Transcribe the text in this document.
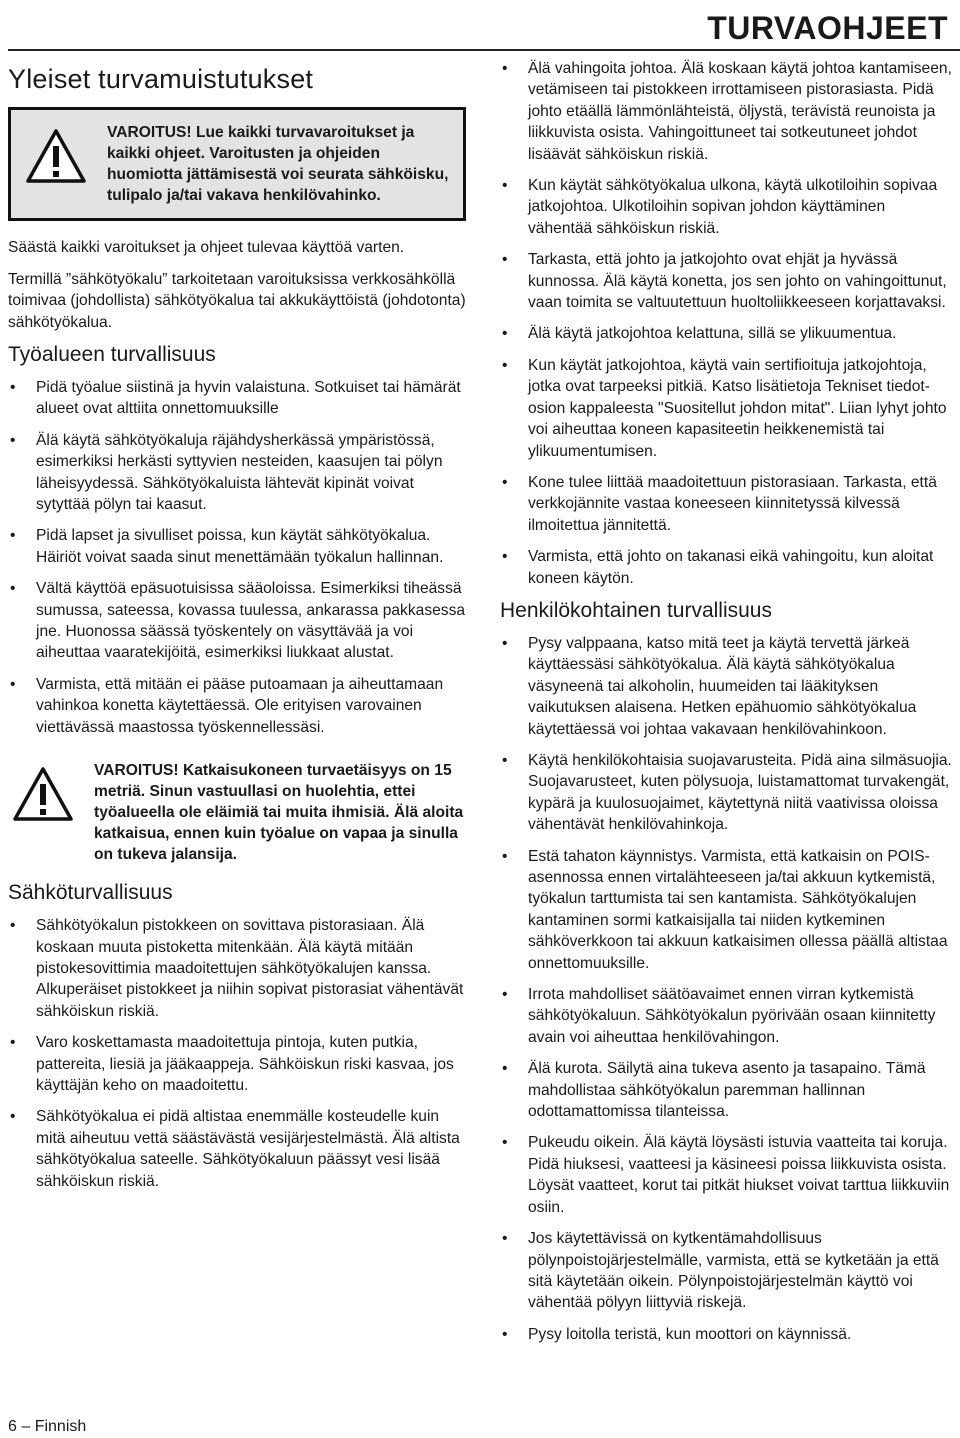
TURVAOHJEET
Yleiset turvamuistutukset
VAROITUS! Lue kaikki turvavaroitukset ja kaikki ohjeet. Varoitusten ja ohjeiden huomiotta jättämisestä voi seurata sähköisku, tulipalo ja/tai vakava henkilövahinko.

Säästä kaikki varoitukset ja ohjeet tulevaa käyttöä varten.

Termillä ”sähkötyökalu” tarkoitetaan varoituksissa verkkosähköllä toimivaa (johdollista) sähkötyökalua tai akkukäyttöistä (johdotonta) sähkötyökalua.

Työalueen turvallisuus
• Pidä työalue siistinä ja hyvin valaistuna. Sotkuiset tai hämärät alueet ovat alttiita onnettomuuksille
• Älä käytä sähkötyökaluja räjähdysherkässä ympäristössä, esimerkiksi herkästi syttyvien nesteiden, kaasujen tai pölyn läheisyydessä. Sähkötyökaluista lähtevät kipinät voivat sytyttää pölyn tai kaasut.
• Pidä lapset ja sivulliset poissa, kun käytät sähkötyökalua. Häiriöt voivat saada sinut menettämään työkalun hallinnan.
• Vältä käyttöä epäsuotuisissa sääoloissa. Esimerkiksi tiheässä sumussa, sateessa, kovassa tuulessa, ankarassa pakkasessa jne. Huonossa säässä työskentely on väsyttävää ja voi aiheuttaa vaaratekijöitä, esimerkiksi liukkaat alustat.
• Varmista, että mitään ei pääse putoamaan ja aiheuttamaan vahinkoa konetta käytettäessä. Ole erityisen varovainen viettävässä maastossa työskennellessäsi.
VAROITUS! Katkaisukoneen turvaetäisyys on 15 metriä. Sinun vastuullasi on huolehtia, ettei työalueella ole eläimiä tai muita ihmisiä. Älä aloita katkaisua, ennen kuin työalue on vapaa ja sinulla on tukeva jalansija.
Sähköturvallisuus
• Sähkötyökalun pistokkeen on sovittava pistorasiaan. Älä koskaan muuta pistoketta mitenkään. Älä käytä mitään pistokesovittimia maadoitettujen sähkötyökalujen kanssa. Alkuperäiset pistokkeet ja niihin sopivat pistorasiat vähentävät sähköiskun riskiä.
• Varo koskettamasta maadoitettuja pintoja, kuten putkia, pattereita, liesiä ja jääkaappeja. Sähköiskun riski kasvaa, jos käyttäjän keho on maadoitettu.
• Sähkötyökalua ei pidä altistaa enemmälle kosteudelle kuin mitä aiheutuu vettä säästävästä vesijärjestelmästä. Älä altista sähkötyökalua sateelle. Sähkötyökaluun päässyt vesi lisää sähköiskun riskiä.
• Älä vahingoita johtoa. Älä koskaan käytä johtoa kantamiseen, vetämiseen tai pistokkeen irrottamiseen pistorasiasta. Pidä johto etäällä lämmönlähteistä, öljystä, terävistä reunoista ja liikkuvista osista. Vahingoittuneet tai sotkeutuneet johdot lisäävät sähköiskun riskiä.
• Kun käytät sähkötyökalua ulkona, käytä ulkotiloihin sopivaa jatkojohtoa. Ulkotiloihin sopivan johdon käyttäminen vähentää sähköiskun riskiä.
• Tarkasta, että johto ja jatkojohto ovat ehjät ja hyvässä kunnossa. Älä käytä konetta, jos sen johto on vahingoittunut, vaan toimita se valtuutettuun huoltoliikkeeseen korjattavaksi.
• Älä käytä jatkojohtoa kelattuna, sillä se ylikuumentua.
• Kun käytät jatkojohtoa, käytä vain sertifioituja jatkojohtoja, jotka ovat tarpeeksi pitkiä. Katso lisätietoja Tekniset tiedot-osion kappaleesta "Suositellut johdon mitat". Liian lyhyt johto voi aiheuttaa koneen kapasiteetin heikkenemistä tai ylikuumentumisen.
• Kone tulee liittää maadoitettuun pistorasiaan. Tarkasta, että verkkojännite vastaa koneeseen kiinnitetyssä kilvessä ilmoitettua jännitettä.
• Varmista, että johto on takanasi eikä vahingoitu, kun aloitat koneen käytön.
Henkilökohtainen turvallisuus
• Pysy valppaana, katso mitä teet ja käytä tervettä järkeä käyttäessäsi sähkötyökalua. Älä käytä sähkötyökalua väsyneenä tai alkoholin, huumeiden tai lääkityksen vaikutuksen alaisena. Hetken epähuomio sähkötyökalua käytettäessä voi johtaa vakavaan henkilövahinkoon.
• Käytä henkilökohtaisia suojavarusteita. Pidä aina silmäsuojia. Suojavarusteet, kuten pölysuoja, luistamattomat turvakengät, kypärä ja kuulosuojaimet, käytettynä niitä vaativissa oloissa vähentävät henkilövahinkoja.
• Estä tahaton käynnistys. Varmista, että katkaisin on POIS-asennossa ennen virtalähteeseen ja/tai akkuun kytkemistä, työkalun tarttumista tai sen kantamista. Sähkötyökalujen kantaminen sormi katkaisijalla tai niiden kytkeminen sähköverkkoon tai akkuun katkaisimen ollessa päällä altistaa onnettomuuksille.
• Irrota mahdolliset säätöavaimet ennen virran kytkemistä sähkötyökaluun. Sähkötyökalun pyörivään osaan kiinnitetty avain voi aiheuttaa henkilövahingon.
• Älä kurota. Säilytä aina tukeva asento ja tasapaino. Tämä mahdollistaa sähkötyökalun paremman hallinnan odottamattomissa tilanteissa.
• Pukeudu oikein. Älä käytä löysästi istuvia vaatteita tai koruja. Pidä hiuksesi, vaatteesi ja käsineesi poissa liikkuvista osista. Löysät vaatteet, korut tai pitkät hiukset voivat tarttua liikkuviin osiin.
• Jos käytettävissä on kytkentämahdollisuus pölynpoistojärjestelmälle, varmista, että se kytketään ja että sitä käytetään oikein. Pölynpoistojärjestelmän käyttö voi vähentää pölyyn liittyviä riskejä.
• Pysy loitolla teristä, kun moottori on käynnissä.
6 – Finnish
